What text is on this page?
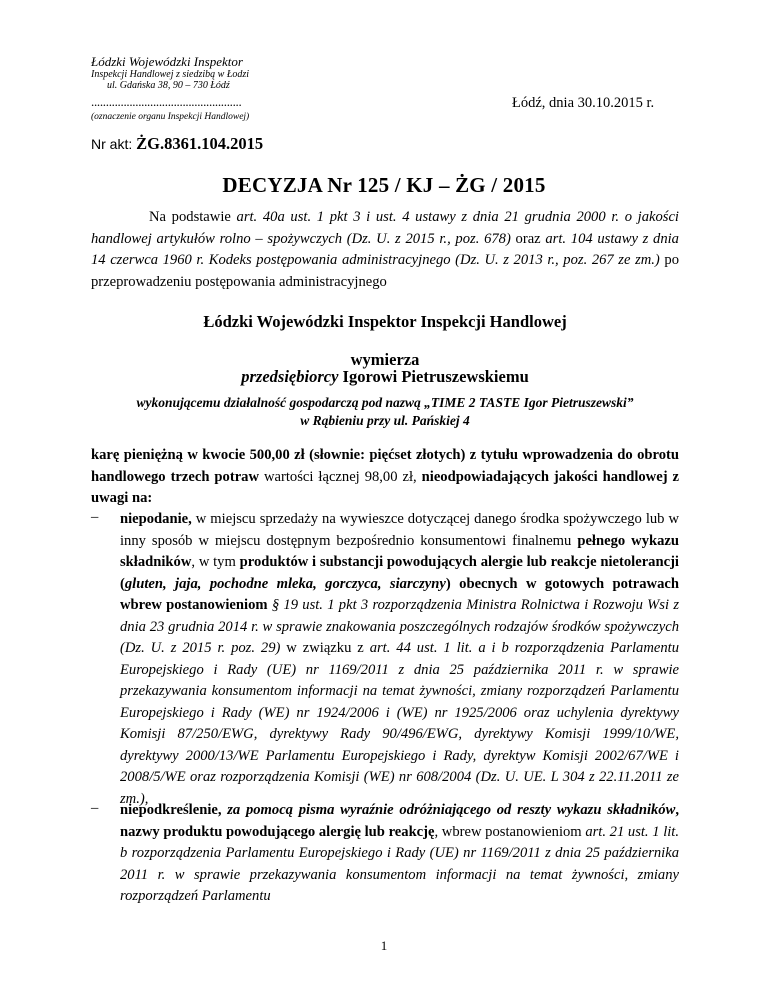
Łódzki Wojewódzki Inspektor
Inspekcji Handlowej z siedzibą w Łodzi
ul. Gdańska 38, 90 – 730 Łódź
...................................................
(oznaczenie organu Inspekcji Handlowej)
Łódź, dnia 30.10.2015 r.
Nr akt: ŻG.8361.104.2015
DECYZJA Nr 125 / KJ – ŻG / 2015
Na podstawie art. 40a ust. 1 pkt 3 i ust. 4 ustawy z dnia 21 grudnia 2000 r. o jakości handlowej artykułów rolno – spożywczych (Dz. U. z 2015 r., poz. 678) oraz art. 104 ustawy z dnia 14 czerwca 1960 r. Kodeks postępowania administracyjnego (Dz. U. z 2013 r., poz. 267 ze zm.) po przeprowadzeniu postępowania administracyjnego
Łódzki Wojewódzki Inspektor Inspekcji Handlowej
wymierza
przedsiębiorcy Igorowi Pietruszewskiemu
wykonującemu działalność gospodarczą pod nazwą „TIME 2 TASTE Igor Pietruszewski”
w Rąbieniu przy ul. Pańskiej 4
karę pieniężną w kwocie 500,00 zł (słownie: pięćset złotych) z tytułu wprowadzenia do obrotu handlowego trzech potraw wartości łącznej 98,00 zł, nieodpowiadających jakości handlowej z uwagi na:
– niepodanie, w miejscu sprzedaży na wywieszce dotyczącej danego środka spożywczego lub w inny sposób w miejscu dostępnym bezpośrednio konsumentowi finalnemu pełnego wykazu składników, w tym produktów i substancji powodujących alergie lub reakcje nietolerancji (gluten, jaja, pochodne mleka, gorczyca, siarczyny) obecnych w gotowych potrawach wbrew postanowieniom § 19 ust. 1 pkt 3 rozporządzenia Ministra Rolnictwa i Rozwoju Wsi z dnia 23 grudnia 2014 r. w sprawie znakowania poszczególnych rodzajów środków spożywczych (Dz. U. z 2015 r. poz. 29) w związku z art. 44 ust. 1 lit. a i b rozporządzenia Parlamentu Europejskiego i Rady (UE) nr 1169/2011 z dnia 25 października 2011 r. w sprawie przekazywania konsumentom informacji na temat żywności, zmiany rozporządzeń Parlamentu Europejskiego i Rady (WE) nr 1924/2006 i (WE) nr 1925/2006 oraz uchylenia dyrektywy Komisji 87/250/EWG, dyrektywy Rady 90/496/EWG, dyrektywy Komisji 1999/10/WE, dyrektywy 2000/13/WE Parlamentu Europejskiego i Rady, dyrektyw Komisji 2002/67/WE i 2008/5/WE oraz rozporządzenia Komisji (WE) nr 608/2004 (Dz. U. UE. L 304 z 22.11.2011 ze zm.),
– niepodkreślenie, za pomocą pisma wyraźnie odróżniającego od reszty wykazu składników, nazwy produktu powodującego alergię lub reakcję, wbrew postanowieniom art. 21 ust. 1 lit. b rozporządzenia Parlamentu Europejskiego i Rady (UE) nr 1169/2011 z dnia 25 października 2011 r. w sprawie przekazywania konsumentom informacji na temat żywności, zmiany rozporządzeń Parlamentu
1
